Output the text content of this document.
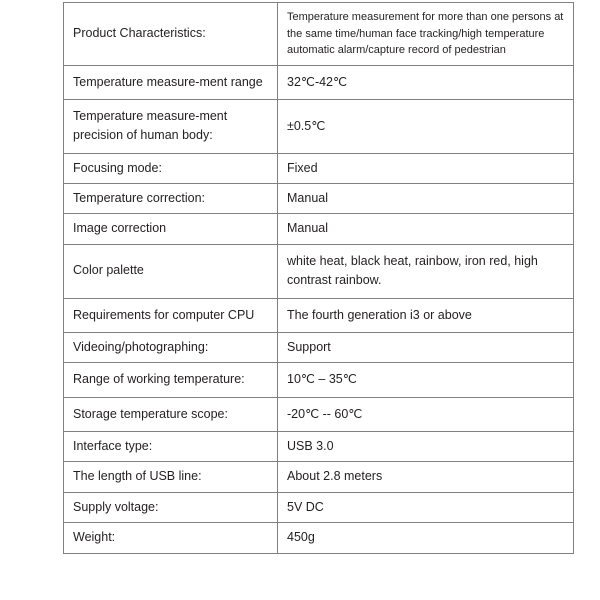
Product Characteristics:	Temperature measurement for more than one persons at the same time/human face tracking/high temperature automatic alarm/capture record of pedestrian
Temperature measure-ment range	32℃-42℃
Temperature measure-ment precision of human body:	±0.5℃
Focusing mode:	Fixed
Temperature correction:	Manual
Image correction	Manual
Color palette	white heat, black heat, rainbow, iron red, high contrast rainbow.
Requirements for computer CPU	The fourth generation i3 or above
Videoing/photographing:	Support
Range of working temperature:	10℃ – 35℃
Storage temperature scope:	-20℃ -- 60℃
Interface type:	USB 3.0
The length of USB line:	About 2.8 meters
Supply voltage:	5V DC
Weight:	450g
